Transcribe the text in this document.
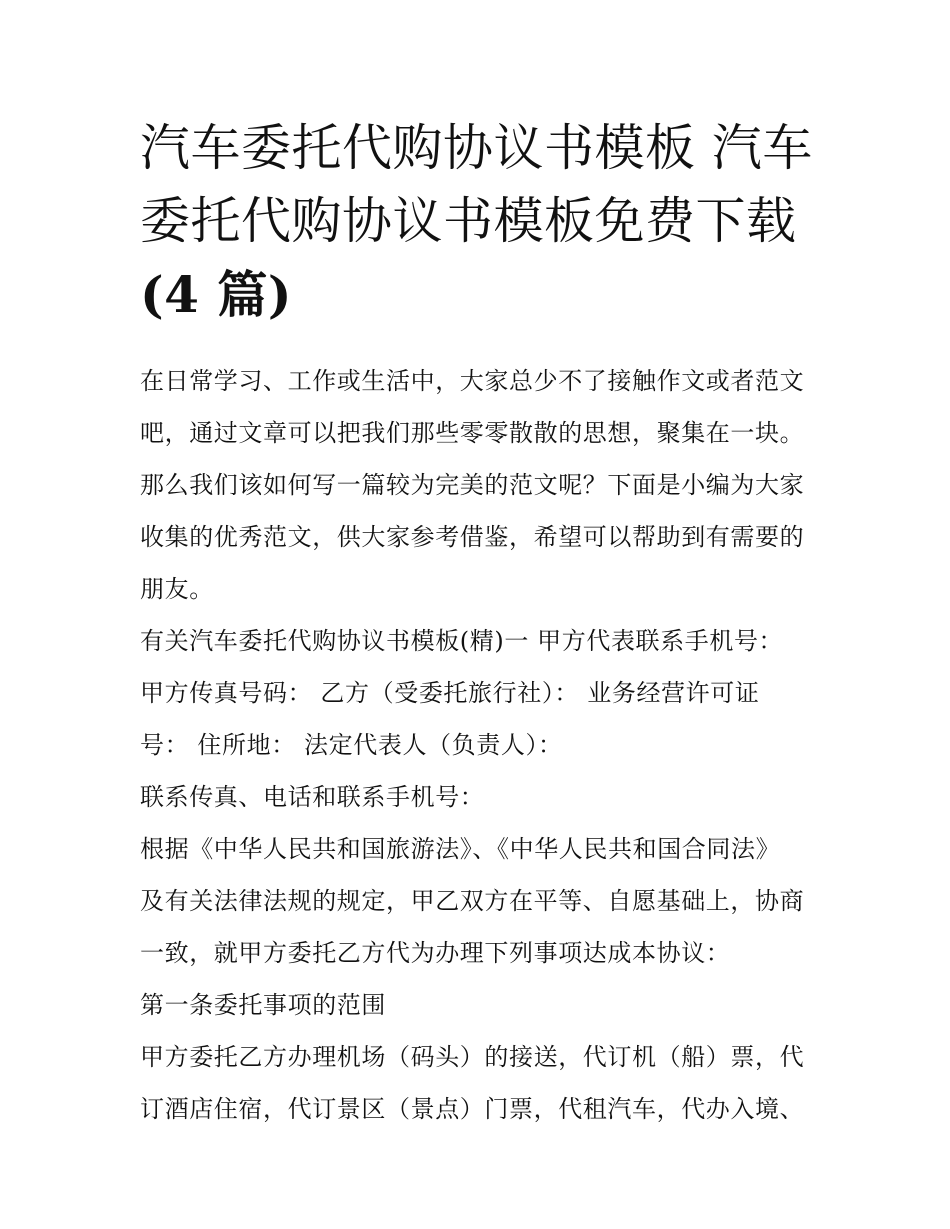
汽车委托代购协议书模板 汽车
委托代购协议书模板免费下载
(4 篇)

在日常学习、工作或生活中，大家总少不了接触作文或者范文
吧，通过文章可以把我们那些零零散散的思想，聚集在一块。
那么我们该如何写一篇较为完美的范文呢？下面是小编为大家
收集的优秀范文，供大家参考借鉴，希望可以帮助到有需要的
朋友。

有关汽车委托代购协议书模板(精)一 甲方代表联系手机号：

甲方传真号码： 乙方（受委托旅行社）： 业务经营许可证
号： 住所地： 法定代表人（负责人）：

联系传真、电话和联系手机号：

根据《中华人民共和国旅游法》、《中华人民共和国合同法》
及有关法律法规的规定，甲乙双方在平等、自愿基础上，协商
一致，就甲方委托乙方代为办理下列事项达成本协议：

第一条委托事项的范围

甲方委托乙方办理机场（码头）的接送，代订机（船）票，代
订酒店住宿，代订景区（景点）门票，代租汽车，代办入境、
